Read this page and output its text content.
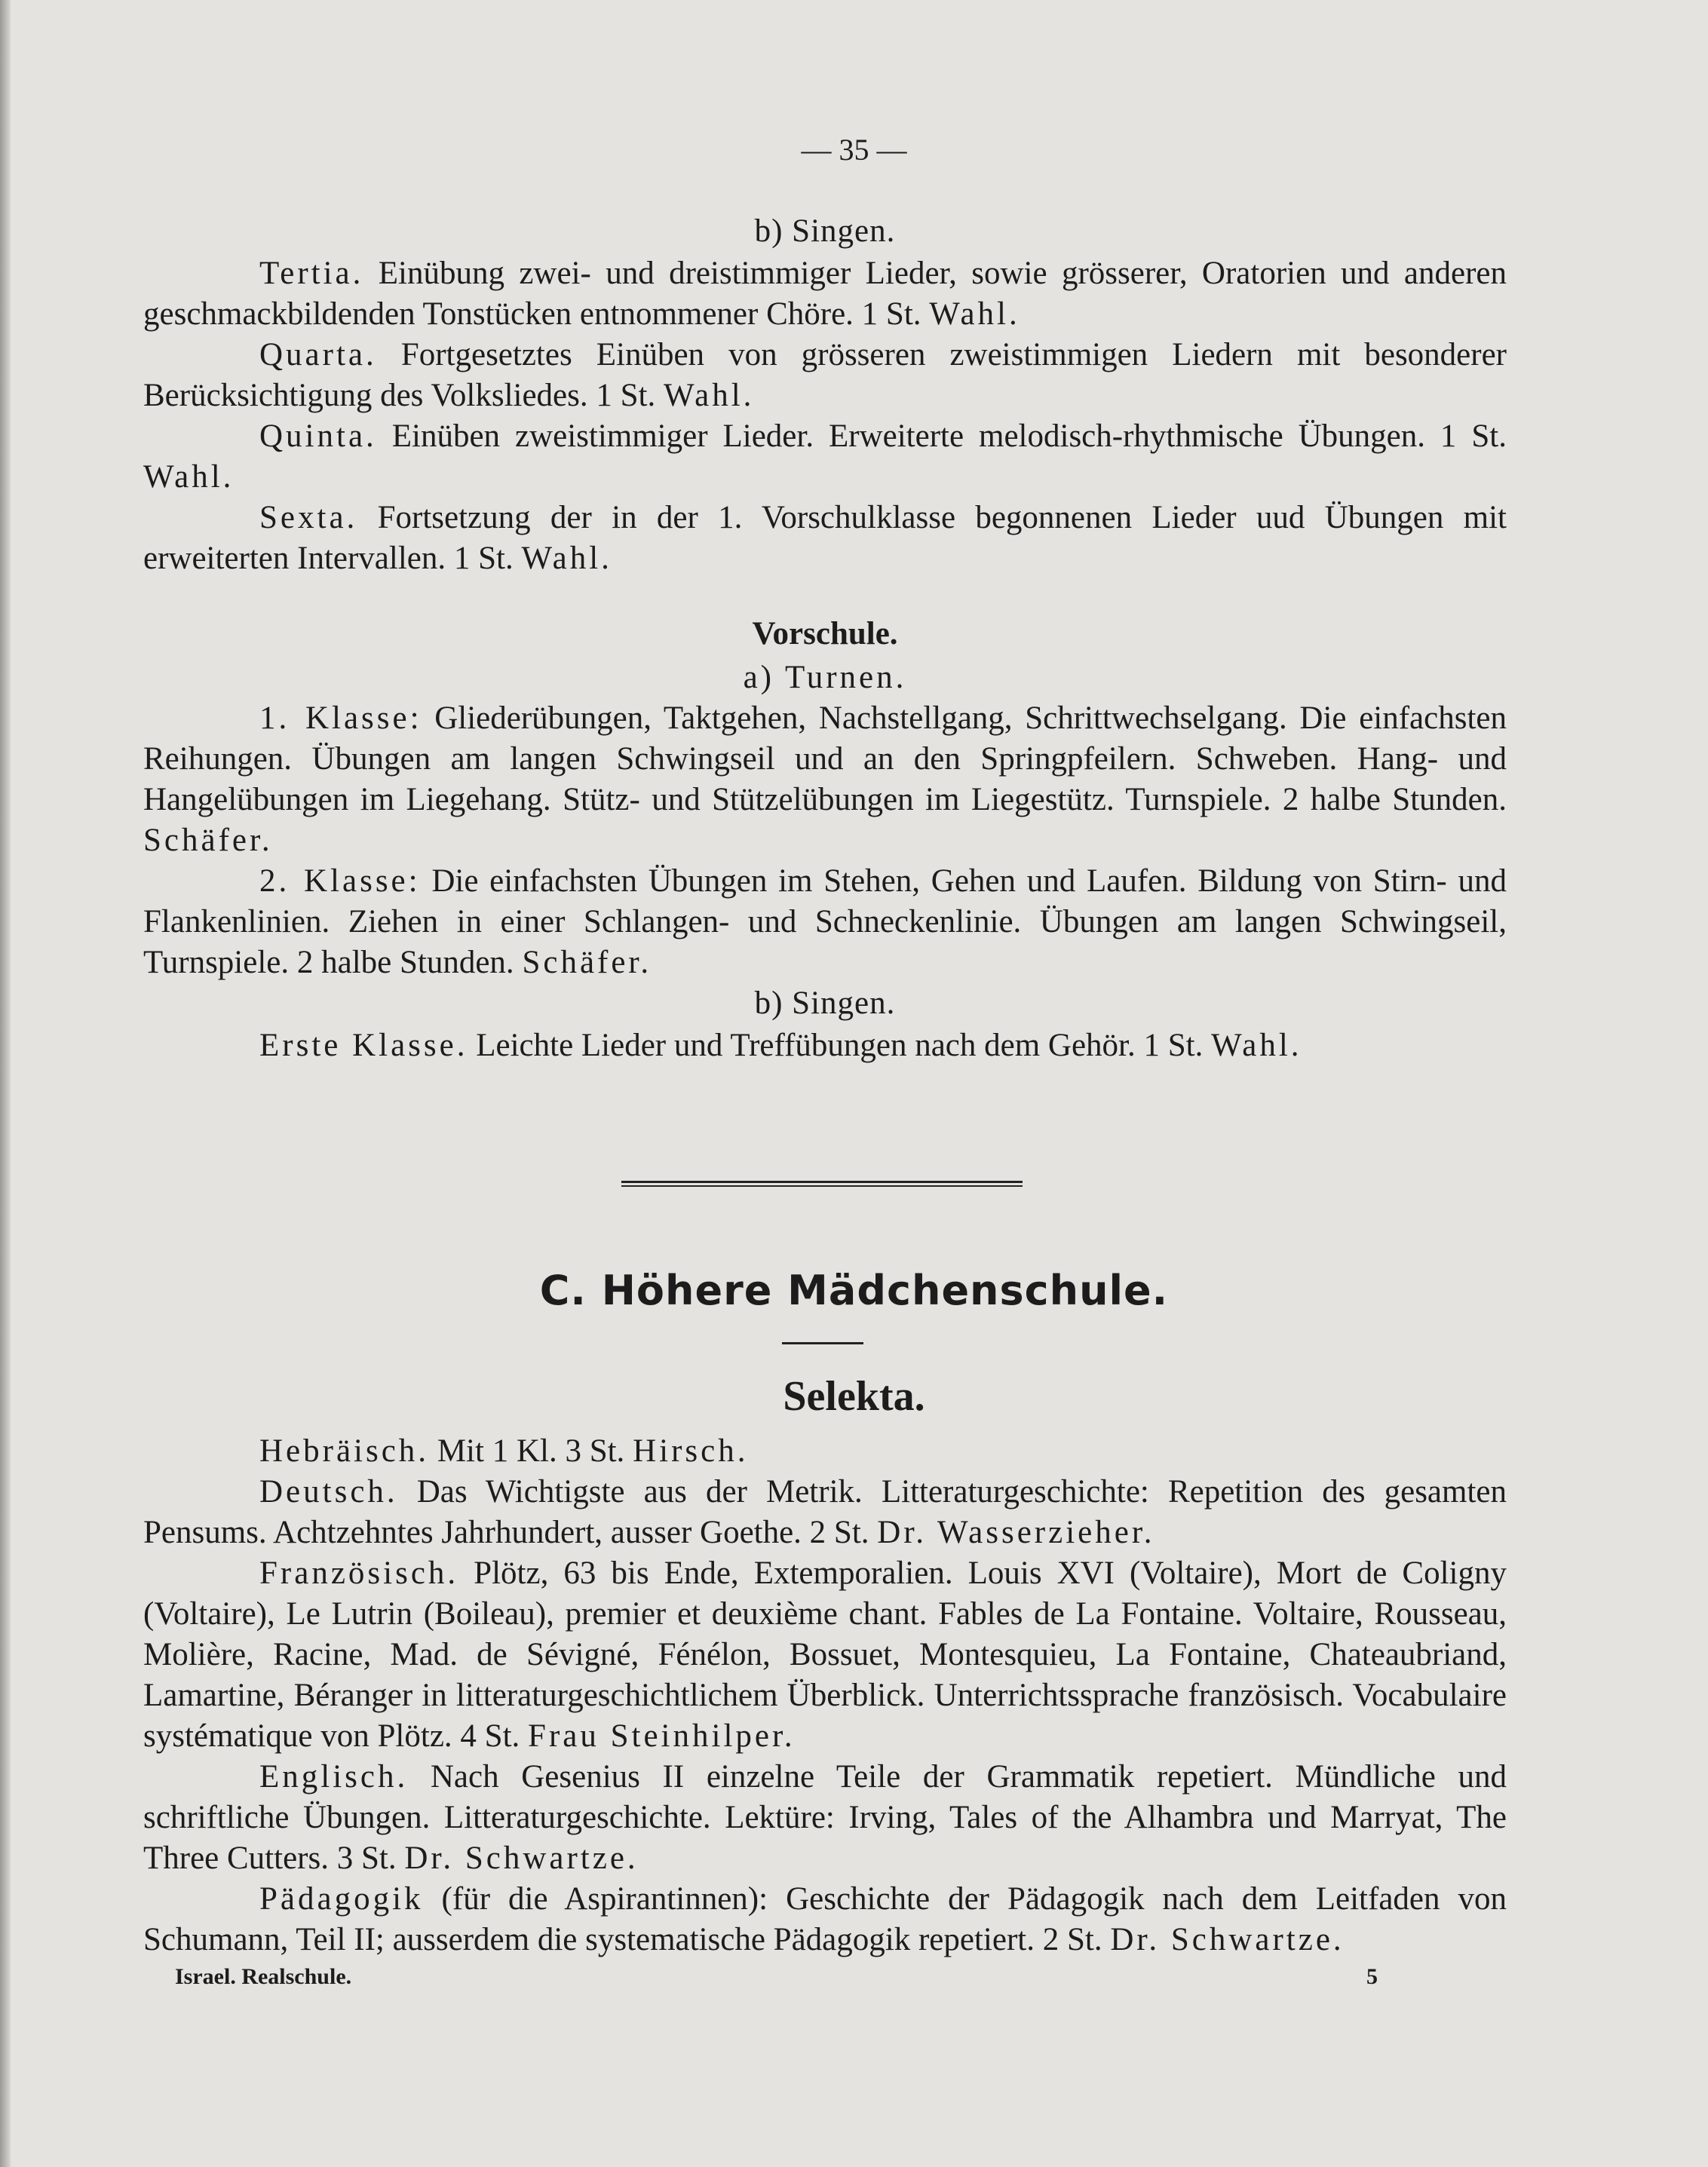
— 35 —
b) Singen.

Tertia. Einübung zwei- und dreistimmiger Lieder, sowie grösserer, Oratorien und anderen geschmackbildenden Tonstücken entnommener Chöre. 1 St. Wahl.

Quarta. Fortgesetztes Einüben von grösseren zweistimmigen Liedern mit besonderer Berücksichtigung des Volksliedes. 1 St. Wahl.

Quinta. Einüben zweistimmiger Lieder. Erweiterte melodisch-rhythmische Übungen. 1 St. Wahl.

Sexta. Fortsetzung der in der 1. Vorschulklasse begonnenen Lieder uud Übungen mit erweiterten Intervallen. 1 St. Wahl.

Vorschule.
a) Turnen.

1. Klasse: Gliederübungen, Taktgehen, Nachstellgang, Schrittwechselgang. Die einfachsten Reihungen. Übungen am langen Schwingseil und an den Springpfeilern. Schweben. Hang- und Hangelübungen im Liegehang. Stütz- und Stützelübungen im Liegestütz. Turnspiele. 2 halbe Stunden. Schäfer.

2. Klasse: Die einfachsten Übungen im Stehen, Gehen und Laufen. Bildung von Stirn- und Flankenlinien. Ziehen in einer Schlangen- und Schneckenlinie. Übungen am langen Schwingseil, Turnspiele. 2 halbe Stunden. Schäfer.

b) Singen.

Erste Klasse. Leichte Lieder und Treffübungen nach dem Gehör. 1 St. Wahl.

C. Höhere Mädchenschule.
Selekta.

Hebräisch. Mit 1 Kl. 3 St. Hirsch.

Deutsch. Das Wichtigste aus der Metrik. Litteraturgeschichte: Repetition des gesamten Pensums. Achtzehntes Jahrhundert, ausser Goethe. 2 St. Dr. Wasserzieher.

Französisch. Plötz, 63 bis Ende, Extemporalien. Louis XVI (Voltaire), Mort de Coligny (Voltaire), Le Lutrin (Boileau), premier et deuxième chant. Fables de La Fontaine. Voltaire, Rousseau, Molière, Racine, Mad. de Sévigné, Fénélon, Bossuet, Montesquieu, La Fontaine, Chateaubriand, Lamartine, Béranger in litteraturgeschichtlichem Überblick. Unterrichtssprache französisch. Vocabulaire systématique von Plötz. 4 St. Frau Steinhilper.

Englisch. Nach Gesenius II einzelne Teile der Grammatik repetiert. Mündliche und schriftliche Übungen. Litteraturgeschichte. Lektüre: Irving, Tales of the Alhambra und Marryat, The Three Cutters. 3 St. Dr. Schwartze.

Pädagogik (für die Aspirantinnen): Geschichte der Pädagogik nach dem Leitfaden von Schumann, Teil II; ausserdem die systematische Pädagogik repetiert. 2 St. Dr. Schwartze.

Israel. Realschule.	5
